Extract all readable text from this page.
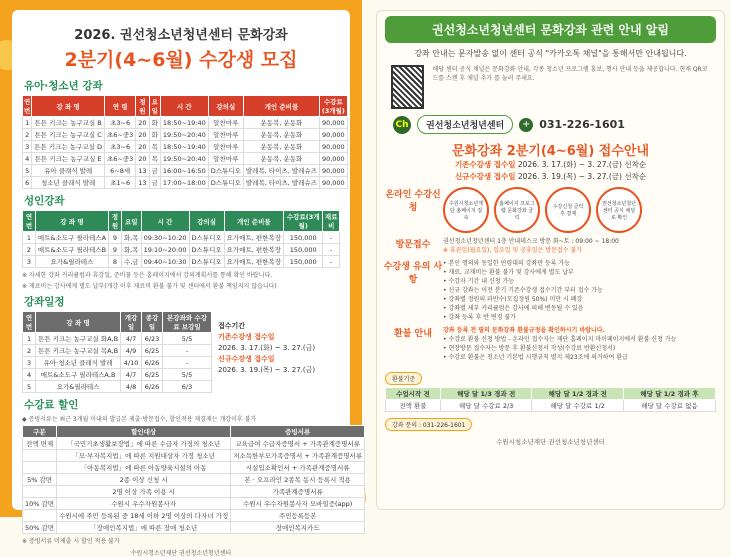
2026. 권선청소년청년센터 문화강좌
2분기(4~6월) 수강생 모집
유아·청소년 강좌
연번	강 좌 명	연 령	정원	요일	시 간	강의실	개인 준비물	수강료(3개월)
1	튼튼 키크는 농구교실 B	초3~6	20	화	18:50~19:40	알찬마루	운동복, 운동화	90,000
2	튼튼 키크는 농구교실 C	초6~중3	20	화	19:50~20:40	알찬마루	운동복, 운동화	90,000
3	튼튼 키크는 농구교실 D	초3~6	20	목	18:50~19:40	알찬마루	운동복, 운동화	90,000
4	튼튼 키크는 농구교실 E	초6~중3	20	목	19:50~20:40	알찬마루	운동복, 운동화	90,000
5	유아 클래식 발레	6~8세	13	금	16:00~16:50	D스튜디오	발레복, 타이츠, 발레슈즈	90,000
6	청소년 클래식 발레	초1~6	13	금	17:00~18:00	D스튜디오	발레복, 타이츠, 발레슈즈	90,000
성인강좌
연번	강 좌 명	정원	요일	시 간	강의실	개인 준비물	수강료(3개월)	재료비
1	매트&소도구 필라테스A	9	화,목	09:30~10:20	D스튜디오	요가매트, 편한복장	150,000	-
2	매트&소도구 필라테스B	9	화,목	19:10~20:00	D스튜디오	요가매트, 편한복장	150,000	-
3	요가&필라테스	8	수,금	09:40~10:30	D스튜디오	요가매트, 편한복장	150,000	-
※ 자세한 강좌 커리큘럼과 휴강일, 준비물 등은 홈페이지에서 강의계획서를 통해 확인 바랍니다.
※ 재료비는 강사에게 별도 납부(개강 이후 재료비 환불 불가 및 센터에서 환불 책임지지 않습니다)
강좌일정
연번	강 좌 명	개강일	종강일	본강좌와 수강료 보강일
1	튼튼 키크는 농구교실 화A,B	4/7	6/23	5/5
2	튼튼 키크는 농구교실 목A,B	4/9	6/25	-
3	유아·청소년 클래식 발레	4/10	6/26	-
4	매트&소도구 필라테스A,B	4/7	6/25	5/5
5	요가&필라테스	4/8	6/26	6/3
접수기간
기존수강생 접수일
2026. 3. 17.(화) ~ 3. 27.(금)
신규수강생 접수일
2026. 3. 19.(목) ~ 3. 27.(금)
수강료 할인
◆ 증빙서류는 최근 3개월 이내의 발급본 제출·방문접수, 할인적용 재결제는 개강이후 불가
구분	할인대상	증빙서류
전액 면제	「국민기초생활보장법」에 따른 수급자 가정의 청소년	교육급여 수급자증명서 + 가족관계증명서류
	「모·부자복지법」에 따른 지원대상자 가정 청소년	저소득한부모가족증명서 + 가족관계증명서류
	「아동복지법」에 따른 아동양육시설의 아동	시설입소확인서 + 가족관계증명서류
5% 감면	2종 이상 신청 시	본 · 오프라인 2종목 동시 등록시 적용
	2명 이상 가족 이용 시	가족관계증명서류
10% 감면	수원시 우수자원봉사자	수원시 우수자원봉사자 모바일증(app)
	수원시에 주민 등록된 중 18세 이하 2명 이상의 다자녀 가정	주민등록등본
50% 감면	「장애인복지법」에 따른 장애 청소년	장애인복지카드
※ 증빙서류 미제출 시 할인 적용 불가
수원시청소년재단 권선청소년청년센터
권선청소년청년센터 문화강좌 관련 안내 알림
강좌 안내는 문자발송 없이 센터 공식 "카카오톡 채널"을 통해서만 안내됩니다.
해당 센터 공식 채널은 문화강좌 안내, 각종 청소년 프로그램 홍보, 행사 안내 등을 제공합니다. 현재 QR코드를 스캔 후 채널 추가 를 눌러 주세요.
Ch	권선청소년청년센터	+ 031-226-1601
문화강좌 2분기(4~6월) 접수안내
기존수강생 접수일 2026. 3. 17.(화) ~ 3. 27.(금) 선착순
신규수강생 접수일 2026. 3. 19.(목) ~ 3. 27.(금) 선착순
온라인 수강신청	수원시청소년재단 홈페이지 접속
홈페이지 프로그램 문화강좌 클릭
수강신청 클릭 후 결제
권선청소년청년센터 공식 채널로 확인
방문접수	권선청소년청년센터 1층 안내데스크 방문 화~토 : 09:00 ~ 18:00
※ 휴관일(월요일), 일요일 및 공휴일은 방문접수 불가
수강생 유의 사항
• 본인 명의와 동일한 연령대의 강좌만 등록 가능
• 재료, 교재비는 환불 불가 및 강사에게 별도 납부
• 수강자 기간 내 신청 가능
• 신규 강좌는 이전 분기 기존수강생 접수기간 부터 접수 가능
• 강좌별 정원의 과반수(모집정원 50%) 미만 시 폐강
• 강좌별 세부 커리큘럼은 강사에 의해 변동될 수 있음
• 강좌 등록 후 반 변경 불가
환불 안내	강좌 등록 전 필히 문화강좌 환불규정을 확인하시기 바랍니다.
• 수강료 환불 신청 방법 - 온라인 접수자는 재단 홈페이지 마이페이지에서 환불 신청 가능
• 현장방문 접수자는 방문 후 환불신청서 작성(수강료 반환신청서)
• 수강료 환불은 청소년 기본법 시행규칙 별지 제23조에 의거하여 환급
환불기준
수업시작 전	해당 달 1/3 경과 전	해당 달 1/2 경과 전	해당 달 1/2 경과 후
전액 환불	해당 달 수강료 2/3	해당 달 수강료 1/2	해당 달 수강료 없음
강좌 문의 : 031-226-1601
수원시청소년재단 권선청소년청년센터
